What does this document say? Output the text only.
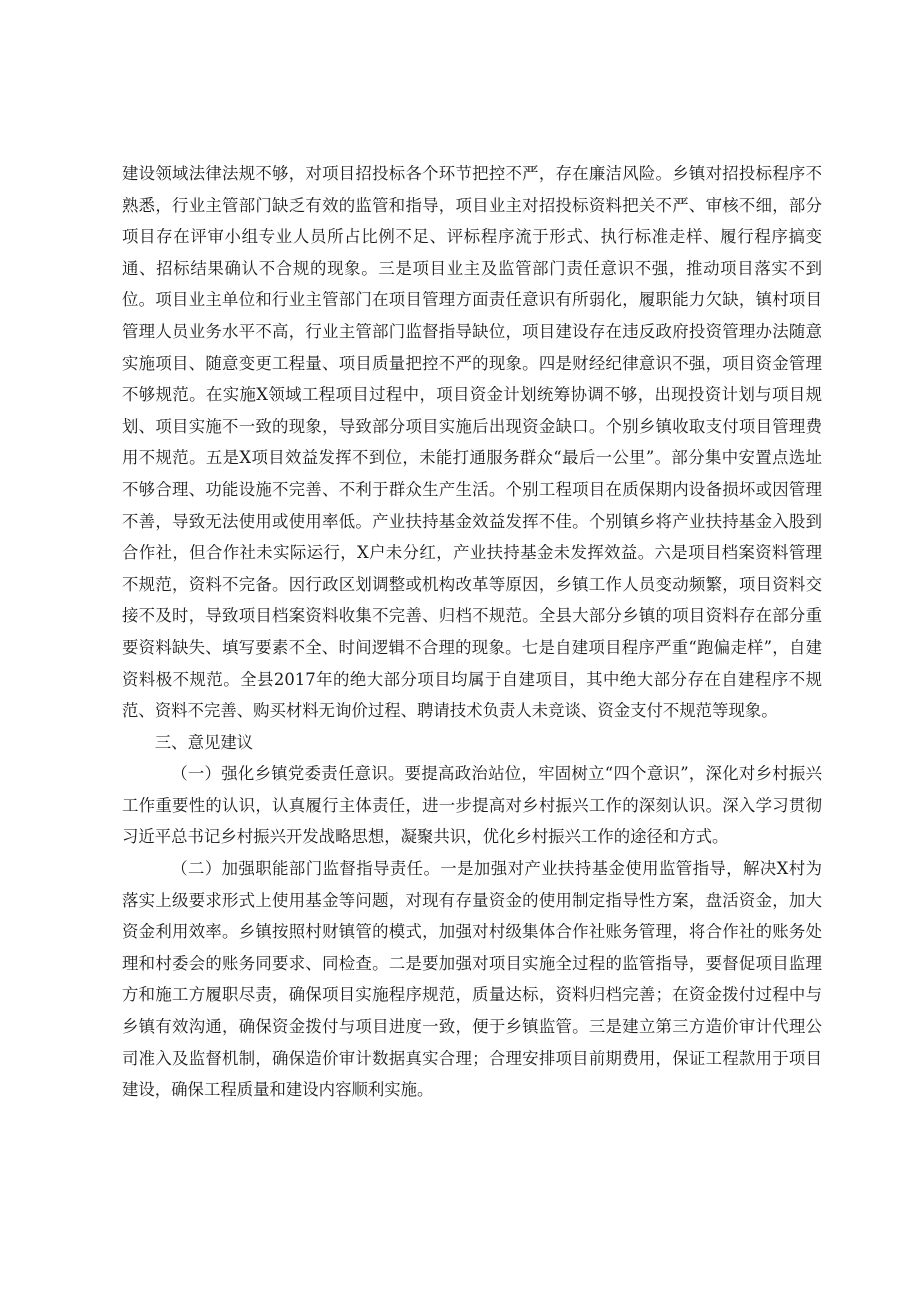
建设领域法律法规不够，对项目招投标各个环节把控不严，存在廉洁风险。乡镇对招投标程序不熟悉，行业主管部门缺乏有效的监管和指导，项目业主对招投标资料把关不严、审核不细，部分项目存在评审小组专业人员所占比例不足、评标程序流于形式、执行标准走样、履行程序搞变通、招标结果确认不合规的现象。三是项目业主及监管部门责任意识不强，推动项目落实不到位。项目业主单位和行业主管部门在项目管理方面责任意识有所弱化，履职能力欠缺，镇村项目管理人员业务水平不高，行业主管部门监督指导缺位，项目建设存在违反政府投资管理办法随意实施项目、随意变更工程量、项目质量把控不严的现象。四是财经纪律意识不强，项目资金管理不够规范。在实施X领域工程项目过程中，项目资金计划统筹协调不够，出现投资计划与项目规划、项目实施不一致的现象，导致部分项目实施后出现资金缺口。个别乡镇收取支付项目管理费用不规范。五是X项目效益发挥不到位，未能打通服务群众“最后一公里”。部分集中安置点选址不够合理、功能设施不完善、不利于群众生产生活。个别工程项目在质保期内设备损坏或因管理不善，导致无法使用或使用率低。产业扶持基金效益发挥不佳。个别镇乡将产业扶持基金入股到合作社，但合作社未实际运行，X户未分红，产业扶持基金未发挥效益。六是项目档案资料管理不规范，资料不完备。因行政区划调整或机构改革等原因，乡镇工作人员变动频繁，项目资料交接不及时，导致项目档案资料收集不完善、归档不规范。全县大部分乡镇的项目资料存在部分重要资料缺失、填写要素不全、时间逻辑不合理的现象。七是自建项目程序严重“跑偏走样”，自建资料极不规范。全县2017年的绝大部分项目均属于自建项目，其中绝大部分存在自建程序不规范、资料不完善、购买材料无询价过程、聘请技术负责人未竞谈、资金支付不规范等现象。

三、意见建议

（一）强化乡镇党委责任意识。要提高政治站位，牢固树立“四个意识”，深化对乡村振兴工作重要性的认识，认真履行主体责任，进一步提高对乡村振兴工作的深刻认识。深入学习贯彻习近平总书记乡村振兴开发战略思想，凝聚共识，优化乡村振兴工作的途径和方式。

（二）加强职能部门监督指导责任。一是加强对产业扶持基金使用监管指导，解决X村为落实上级要求形式上使用基金等问题，对现有存量资金的使用制定指导性方案，盘活资金，加大资金利用效率。乡镇按照村财镇管的模式，加强对村级集体合作社账务管理，将合作社的账务处理和村委会的账务同要求、同检查。二是要加强对项目实施全过程的监管指导，要督促项目监理方和施工方履职尽责，确保项目实施程序规范，质量达标，资料归档完善；在资金拨付过程中与乡镇有效沟通，确保资金拨付与项目进度一致，便于乡镇监管。三是建立第三方造价审计代理公司准入及监督机制，确保造价审计数据真实合理；合理安排项目前期费用，保证工程款用于项目建设，确保工程质量和建设内容顺利实施。
